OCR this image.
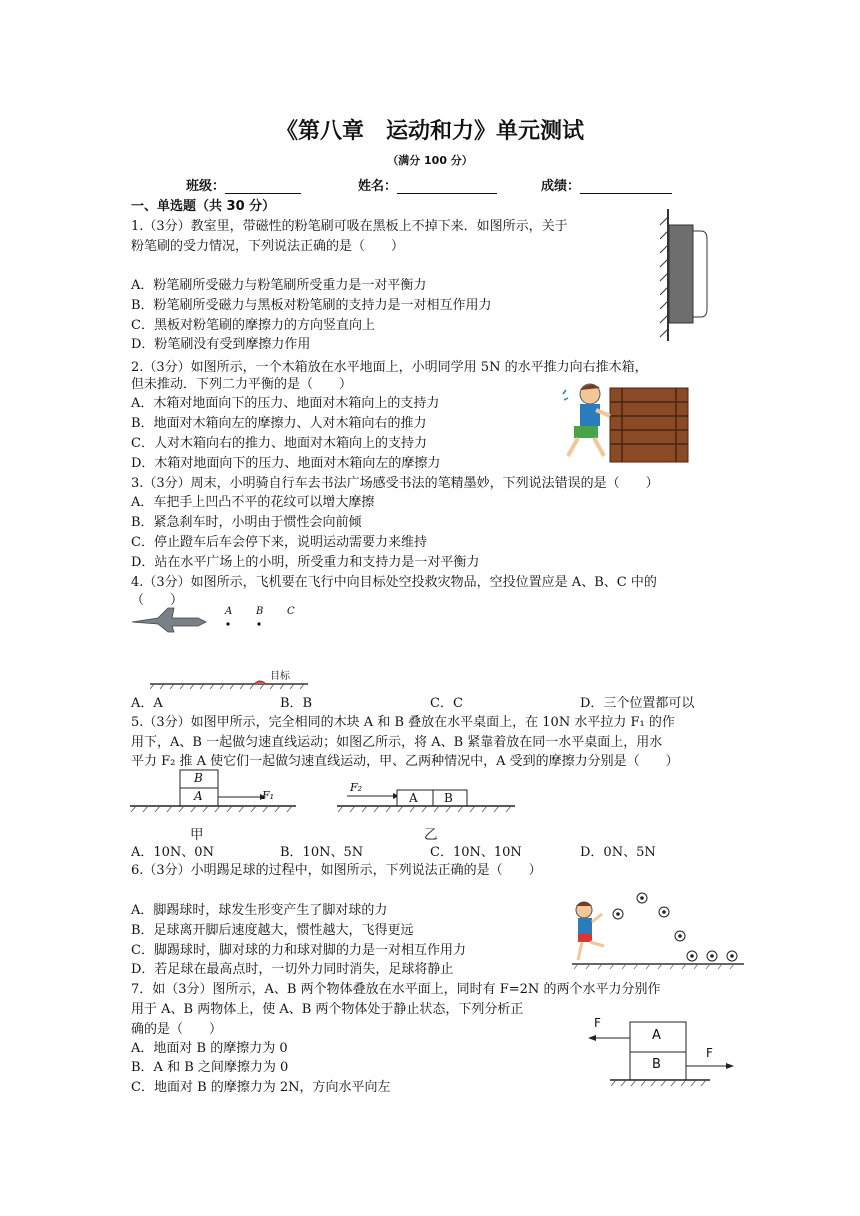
《第八章　运动和力》单元测试
（满分 100 分）
班级：	姓名：	成绩：
一、单选题（共 30 分）
1.（3分）教室里，带磁性的粉笔刷可吸在黑板上不掉下来．如图所示，关于
粉笔刷的受力情况，下列说法正确的是（　　）
A．粉笔刷所受磁力与粉笔刷所受重力是一对平衡力
B．粉笔刷所受磁力与黑板对粉笔刷的支持力是一对相互作用力
C．黑板对粉笔刷的摩擦力的方向竖直向上
D．粉笔刷没有受到摩擦力作用
2.（3分）如图所示，一个木箱放在水平地面上，小明同学用 5N 的水平推力向右推木箱，
但未推动．下列二力平衡的是（　　）
A．木箱对地面向下的压力、地面对木箱向上的支持力
B．地面对木箱向左的摩擦力、人对木箱向右的推力
C．人对木箱向右的推力、地面对木箱向上的支持力
D．木箱对地面向下的压力、地面对木箱向左的摩擦力
3.（3分）周末，小明骑自行车去书法广场感受书法的笔精墨妙，下列说法错误的是（　　）
A．车把手上凹凸不平的花纹可以增大摩擦
B．紧急刹车时，小明由于惯性会向前倾
C．停止蹬车后车会停下来，说明运动需要力来维持
D．站在水平广场上的小明，所受重力和支持力是一对平衡力
4.（3分）如图所示，飞机要在飞行中向目标处空投救灾物品，空投位置应是 A、B、C 中的
（　　）
A B C
目标
A．A	B．B	C．C	D．三个位置都可以
5.（3分）如图甲所示，完全相同的木块 A 和 B 叠放在水平桌面上，在 10N 水平拉力 F₁ 的作
用下，A、B 一起做匀速直线运动；如图乙所示，将 A、B 紧靠着放在同一水平桌面上，用水
平力 F₂ 推 A 使它们一起做匀速直线运动，甲、乙两种情况中，A 受到的摩擦力分别是（　　）
B
A	F₁
甲
F₂
A B
乙
A．10N、0N	B．10N、5N	C．10N、10N	D．0N、5N
6.（3分）小明踢足球的过程中，如图所示，下列说法正确的是（　　）
A．脚踢球时，球发生形变产生了脚对球的力
B．足球离开脚后速度越大，惯性越大，飞得更远
C．脚踢球时，脚对球的力和球对脚的力是一对相互作用力
D．若足球在最高点时，一切外力同时消失，足球将静止
7．如（3分）图所示，A、B 两个物体叠放在水平面上，同时有 F=2N 的两个水平力分别作
用于 A、B 两物体上，使 A、B 两个物体处于静止状态，下列分析正
确的是（　　）
A．地面对 B 的摩擦力为 0
B．A 和 B 之间摩擦力为 0
C．地面对 B 的摩擦力为 2N，方向水平向左
A
B
F
F
